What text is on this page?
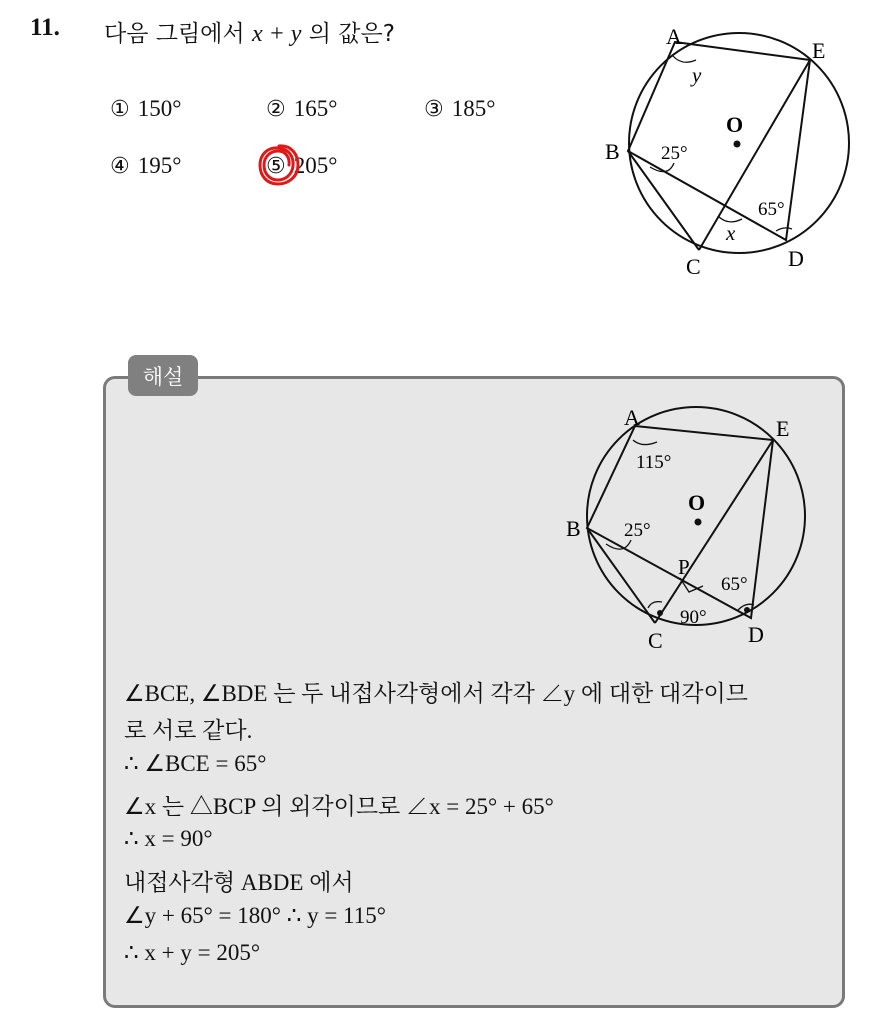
11. 다음 그림에서 x + y 의 값은?
① 150°	② 165°	③ 185°
④ 195°	⑤ 205°
A
E
B
C	D
O
y
x
25°
65°
해설
A	E
B
C	D
O
P
115°
25°
65°
90°
∠BCE, ∠BDE 는 두 내접사각형에서 각각 ∠y 에 대한 대각이므
로 서로 같다.
∴ ∠BCE = 65°
∠x 는 △BCP 의 외각이므로 ∠x = 25° + 65°
∴ x = 90°
내접사각형 ABDE 에서
∠y + 65° = 180° ∴ y = 115°
∴ x + y = 205°
